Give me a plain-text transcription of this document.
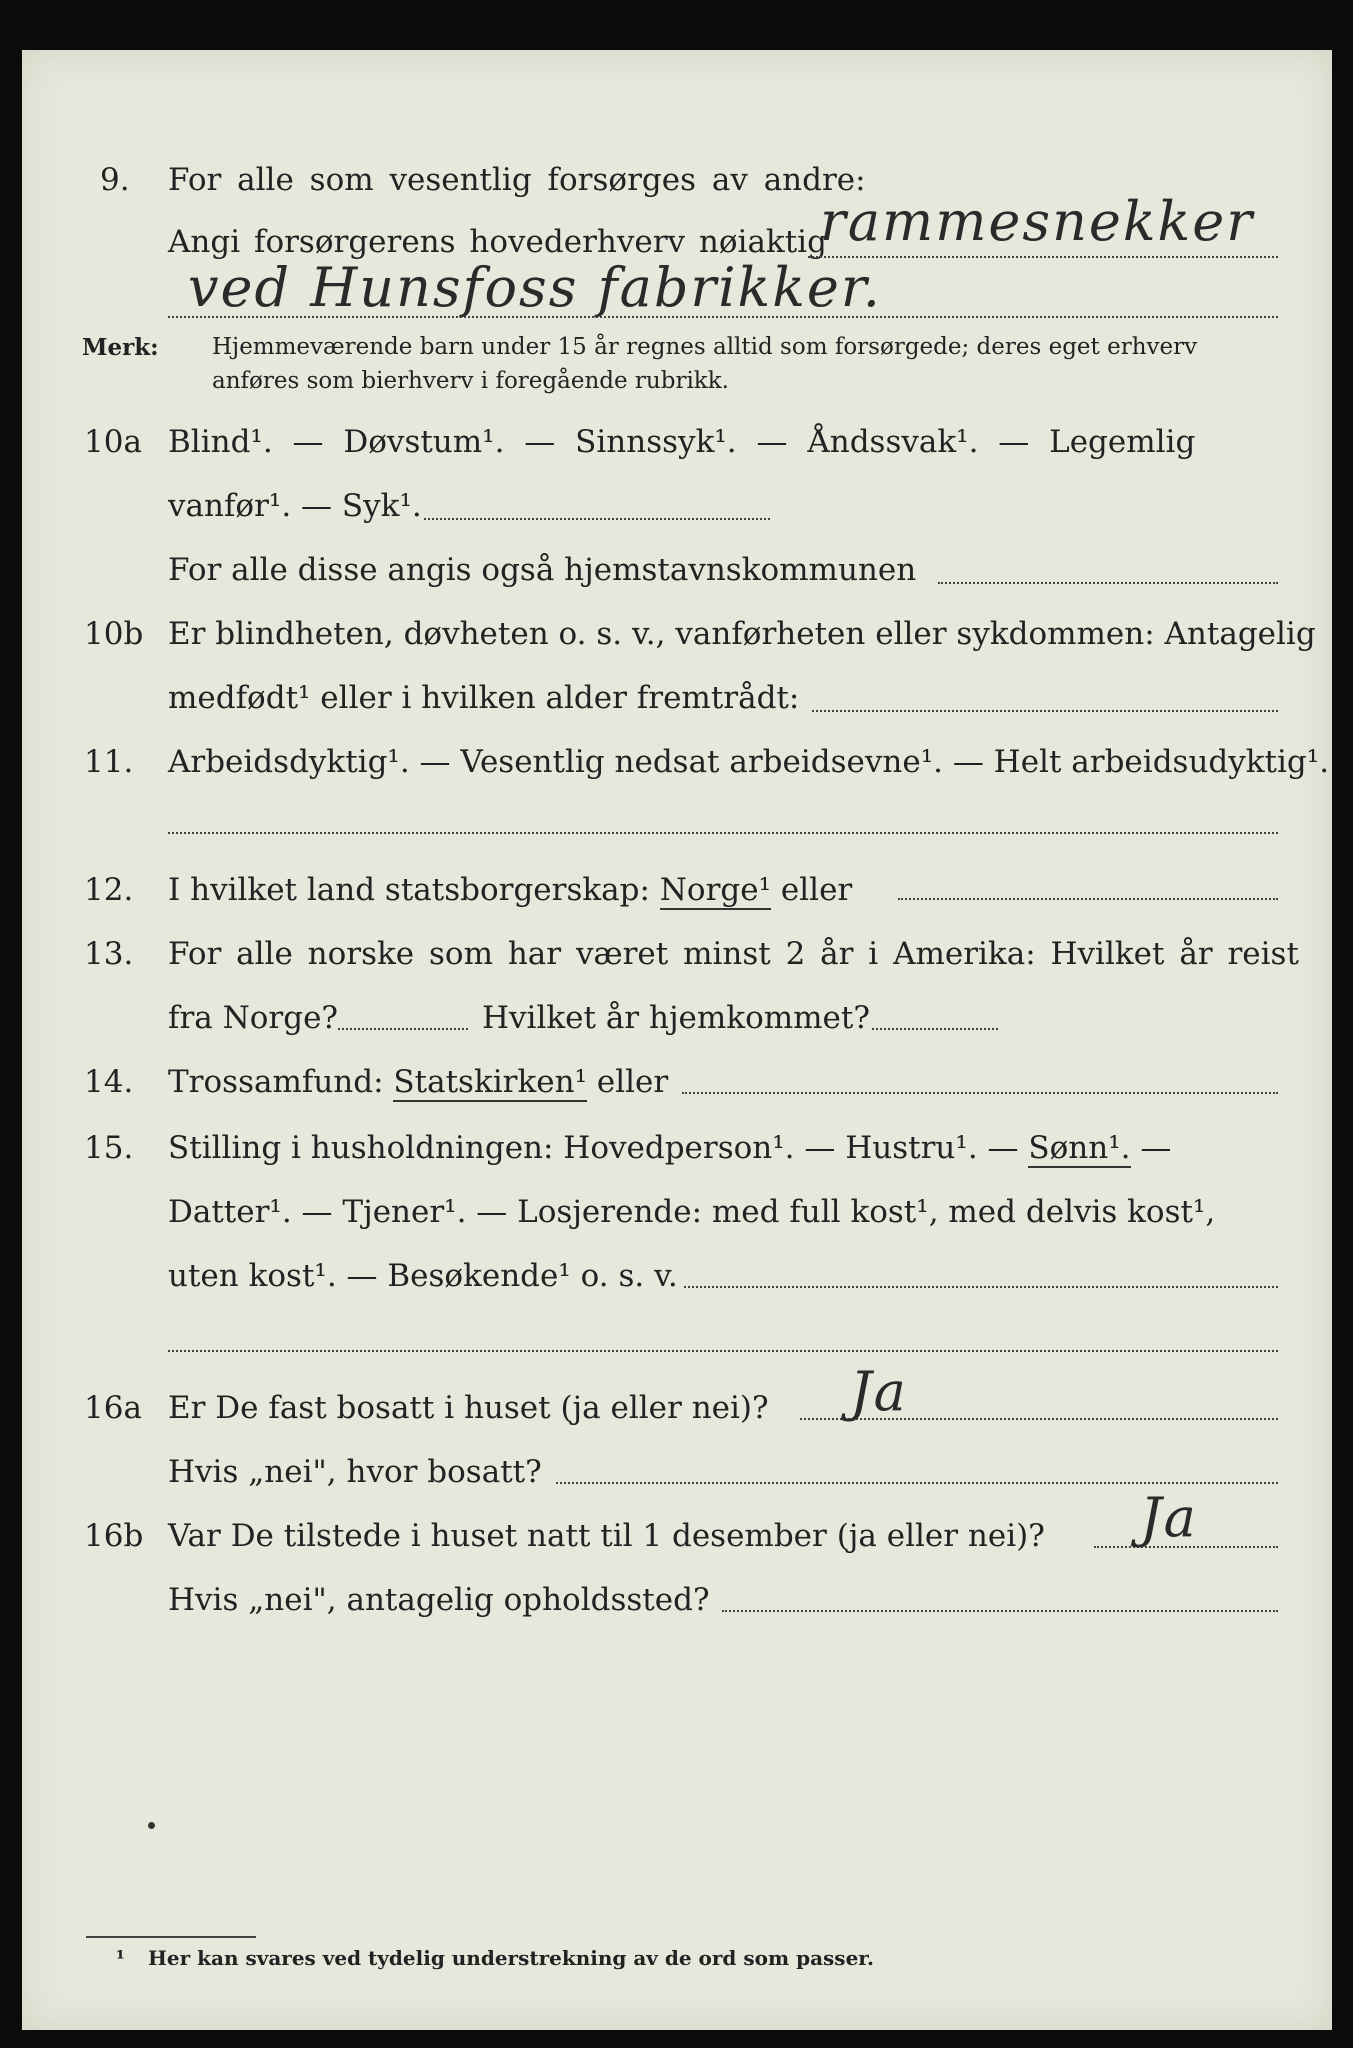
9. For alle som vesentlig forsørges av andre:
Angi forsørgerens hovederhverv nøiaktig
rammesnekker
ved Hunsfoss fabrikker.
Merk: Hjemmeværende barn under 15 år regnes alltid som forsørgede; deres eget erhverv
anføres som bierhverv i foregående rubrikk.
10a Blind¹. — Døvstum¹. — Sinnssyk¹. — Åndssvak¹. — Legemlig
vanfør¹. — Syk¹.
For alle disse angis også hjemstavnskommunen
10b Er blindheten, døvheten o. s. v., vanførheten eller sykdommen: Antagelig
medfødt¹ eller i hvilken alder fremtrådt:
11. Arbeidsdyktig¹. — Vesentlig nedsat arbeidsevne¹. — Helt arbeidsudyktig¹.
12. I hvilket land statsborgerskap: Norge¹ eller
13. For alle norske som har været minst 2 år i Amerika: Hvilket år reist
fra Norge?	Hvilket år hjemkommet?
14. Trossamfund: Statskirken¹ eller
15. Stilling i husholdningen: Hovedperson¹. — Hustru¹. — Sønn¹. —
Datter¹. — Tjener¹. — Losjerende: med full kost¹, med delvis kost¹,
uten kost¹. — Besøkende¹ o. s. v.
16a Er De fast bosatt i huset (ja eller nei)? Ja
Hvis „nei", hvor bosatt?
16b Var De tilstede i huset natt til 1 desember (ja eller nei)? Ja
Hvis „nei", antagelig opholdssted?
¹ Her kan svares ved tydelig understrekning av de ord som passer.
